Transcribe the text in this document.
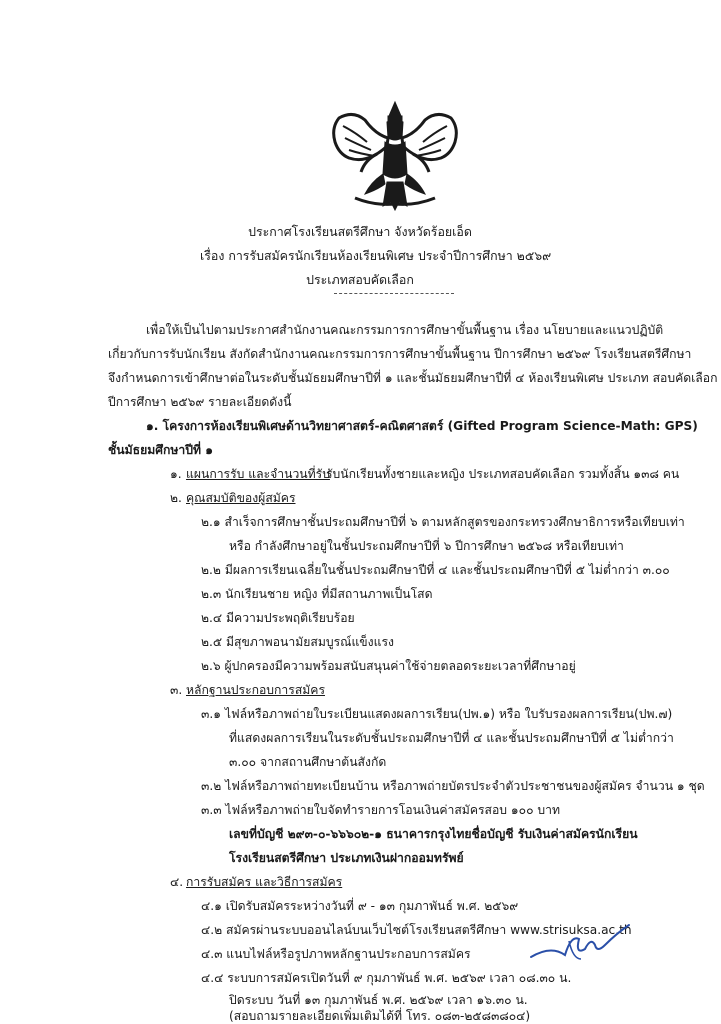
ประกาศโรงเรียนสตรีศึกษา จังหวัดร้อยเอ็ด
เรื่อง การรับสมัครนักเรียนห้องเรียนพิเศษ ประจำปีการศึกษา ๒๕๖๙
ประเภทสอบคัดเลือก
เพื่อให้เป็นไปตามประกาศสำนักงานคณะกรรมการการศึกษาขั้นพื้นฐาน เรื่อง นโยบายและแนวปฏิบัติ
เกี่ยวกับการรับนักเรียน สังกัดสำนักงานคณะกรรมการการศึกษาขั้นพื้นฐาน ปีการศึกษา ๒๕๖๙ โรงเรียนสตรีศึกษา
จึงกำหนดการเข้าศึกษาต่อในระดับชั้นมัธยมศึกษาปีที่ ๑ และชั้นมัธยมศึกษาปีที่ ๔ ห้องเรียนพิเศษ ประเภท สอบคัดเลือก
ปีการศึกษา ๒๕๖๙ รายละเอียดดังนี้
๑. โครงการห้องเรียนพิเศษด้านวิทยาศาสตร์-คณิตศาสตร์ (Gifted Program Science-Math: GPS)
ชั้นมัธยมศึกษาปีที่ ๑
๑. แผนการรับ และจำนวนที่รับ
รับนักเรียนทั้งชายและหญิง ประเภทสอบคัดเลือก รวมทั้งสิ้น ๑๓๘ คน
๒. คุณสมบัติของผู้สมัคร
๒.๑ สำเร็จการศึกษาชั้นประถมศึกษาปีที่ ๖ ตามหลักสูตรของกระทรวงศึกษาธิการหรือเทียบเท่า
หรือ กำลังศึกษาอยู่ในชั้นประถมศึกษาปีที่ ๖ ปีการศึกษา ๒๕๖๘ หรือเทียบเท่า
๒.๒ มีผลการเรียนเฉลี่ยในชั้นประถมศึกษาปีที่ ๔ และชั้นประถมศึกษาปีที่ ๕ ไม่ต่ำกว่า ๓.๐๐
๒.๓ นักเรียนชาย หญิง ที่มีสถานภาพเป็นโสด
๒.๔ มีความประพฤติเรียบร้อย
๒.๕ มีสุขภาพอนามัยสมบูรณ์แข็งแรง
๒.๖ ผู้ปกครองมีความพร้อมสนับสนุนค่าใช้จ่ายตลอดระยะเวลาที่ศึกษาอยู่
๓. หลักฐานประกอบการสมัคร
๓.๑ ไฟล์หรือภาพถ่ายใบระเบียนแสดงผลการเรียน(ปพ.๑) หรือ ใบรับรองผลการเรียน(ปพ.๗)
ที่แสดงผลการเรียนในระดับชั้นประถมศึกษาปีที่ ๔ และชั้นประถมศึกษาปีที่ ๕ ไม่ต่ำกว่า
๓.๐๐ จากสถานศึกษาต้นสังกัด
๓.๒ ไฟล์หรือภาพถ่ายทะเบียนบ้าน หรือภาพถ่ายบัตรประจำตัวประชาชนของผู้สมัคร จำนวน ๑ ชุด
๓.๓ ไฟล์หรือภาพถ่ายใบจัดทำรายการโอนเงินค่าสมัครสอบ ๑๐๐ บาท
เลขที่บัญชี ๒๙๓-๐-๖๖๖๐๒-๑ ธนาคารกรุงไทยชื่อบัญชี รับเงินค่าสมัครนักเรียน
โรงเรียนสตรีศึกษา ประเภทเงินฝากออมทรัพย์
๔. การรับสมัคร และวิธีการสมัคร
๔.๑ เปิดรับสมัครระหว่างวันที่ ๙ - ๑๓ กุมภาพันธ์ พ.ศ. ๒๕๖๙
๔.๒ สมัครผ่านระบบออนไลน์บนเว็บไซต์โรงเรียนสตรีศึกษา www.strisuksa.ac.th
๔.๓ แนบไฟล์หรือรูปภาพหลักฐานประกอบการสมัคร
๔.๔ ระบบการสมัครเปิดวันที่ ๙ กุมภาพันธ์ พ.ศ. ๒๕๖๙ เวลา ๐๘.๓๐ น.
ปิดระบบ วันที่ ๑๓ กุมภาพันธ์ พ.ศ. ๒๕๖๙ เวลา ๑๖.๓๐ น.
(สอบถามรายละเอียดเพิ่มเติมได้ที่ โทร. ๐๘๓-๒๕๘๓๘๐๔)
